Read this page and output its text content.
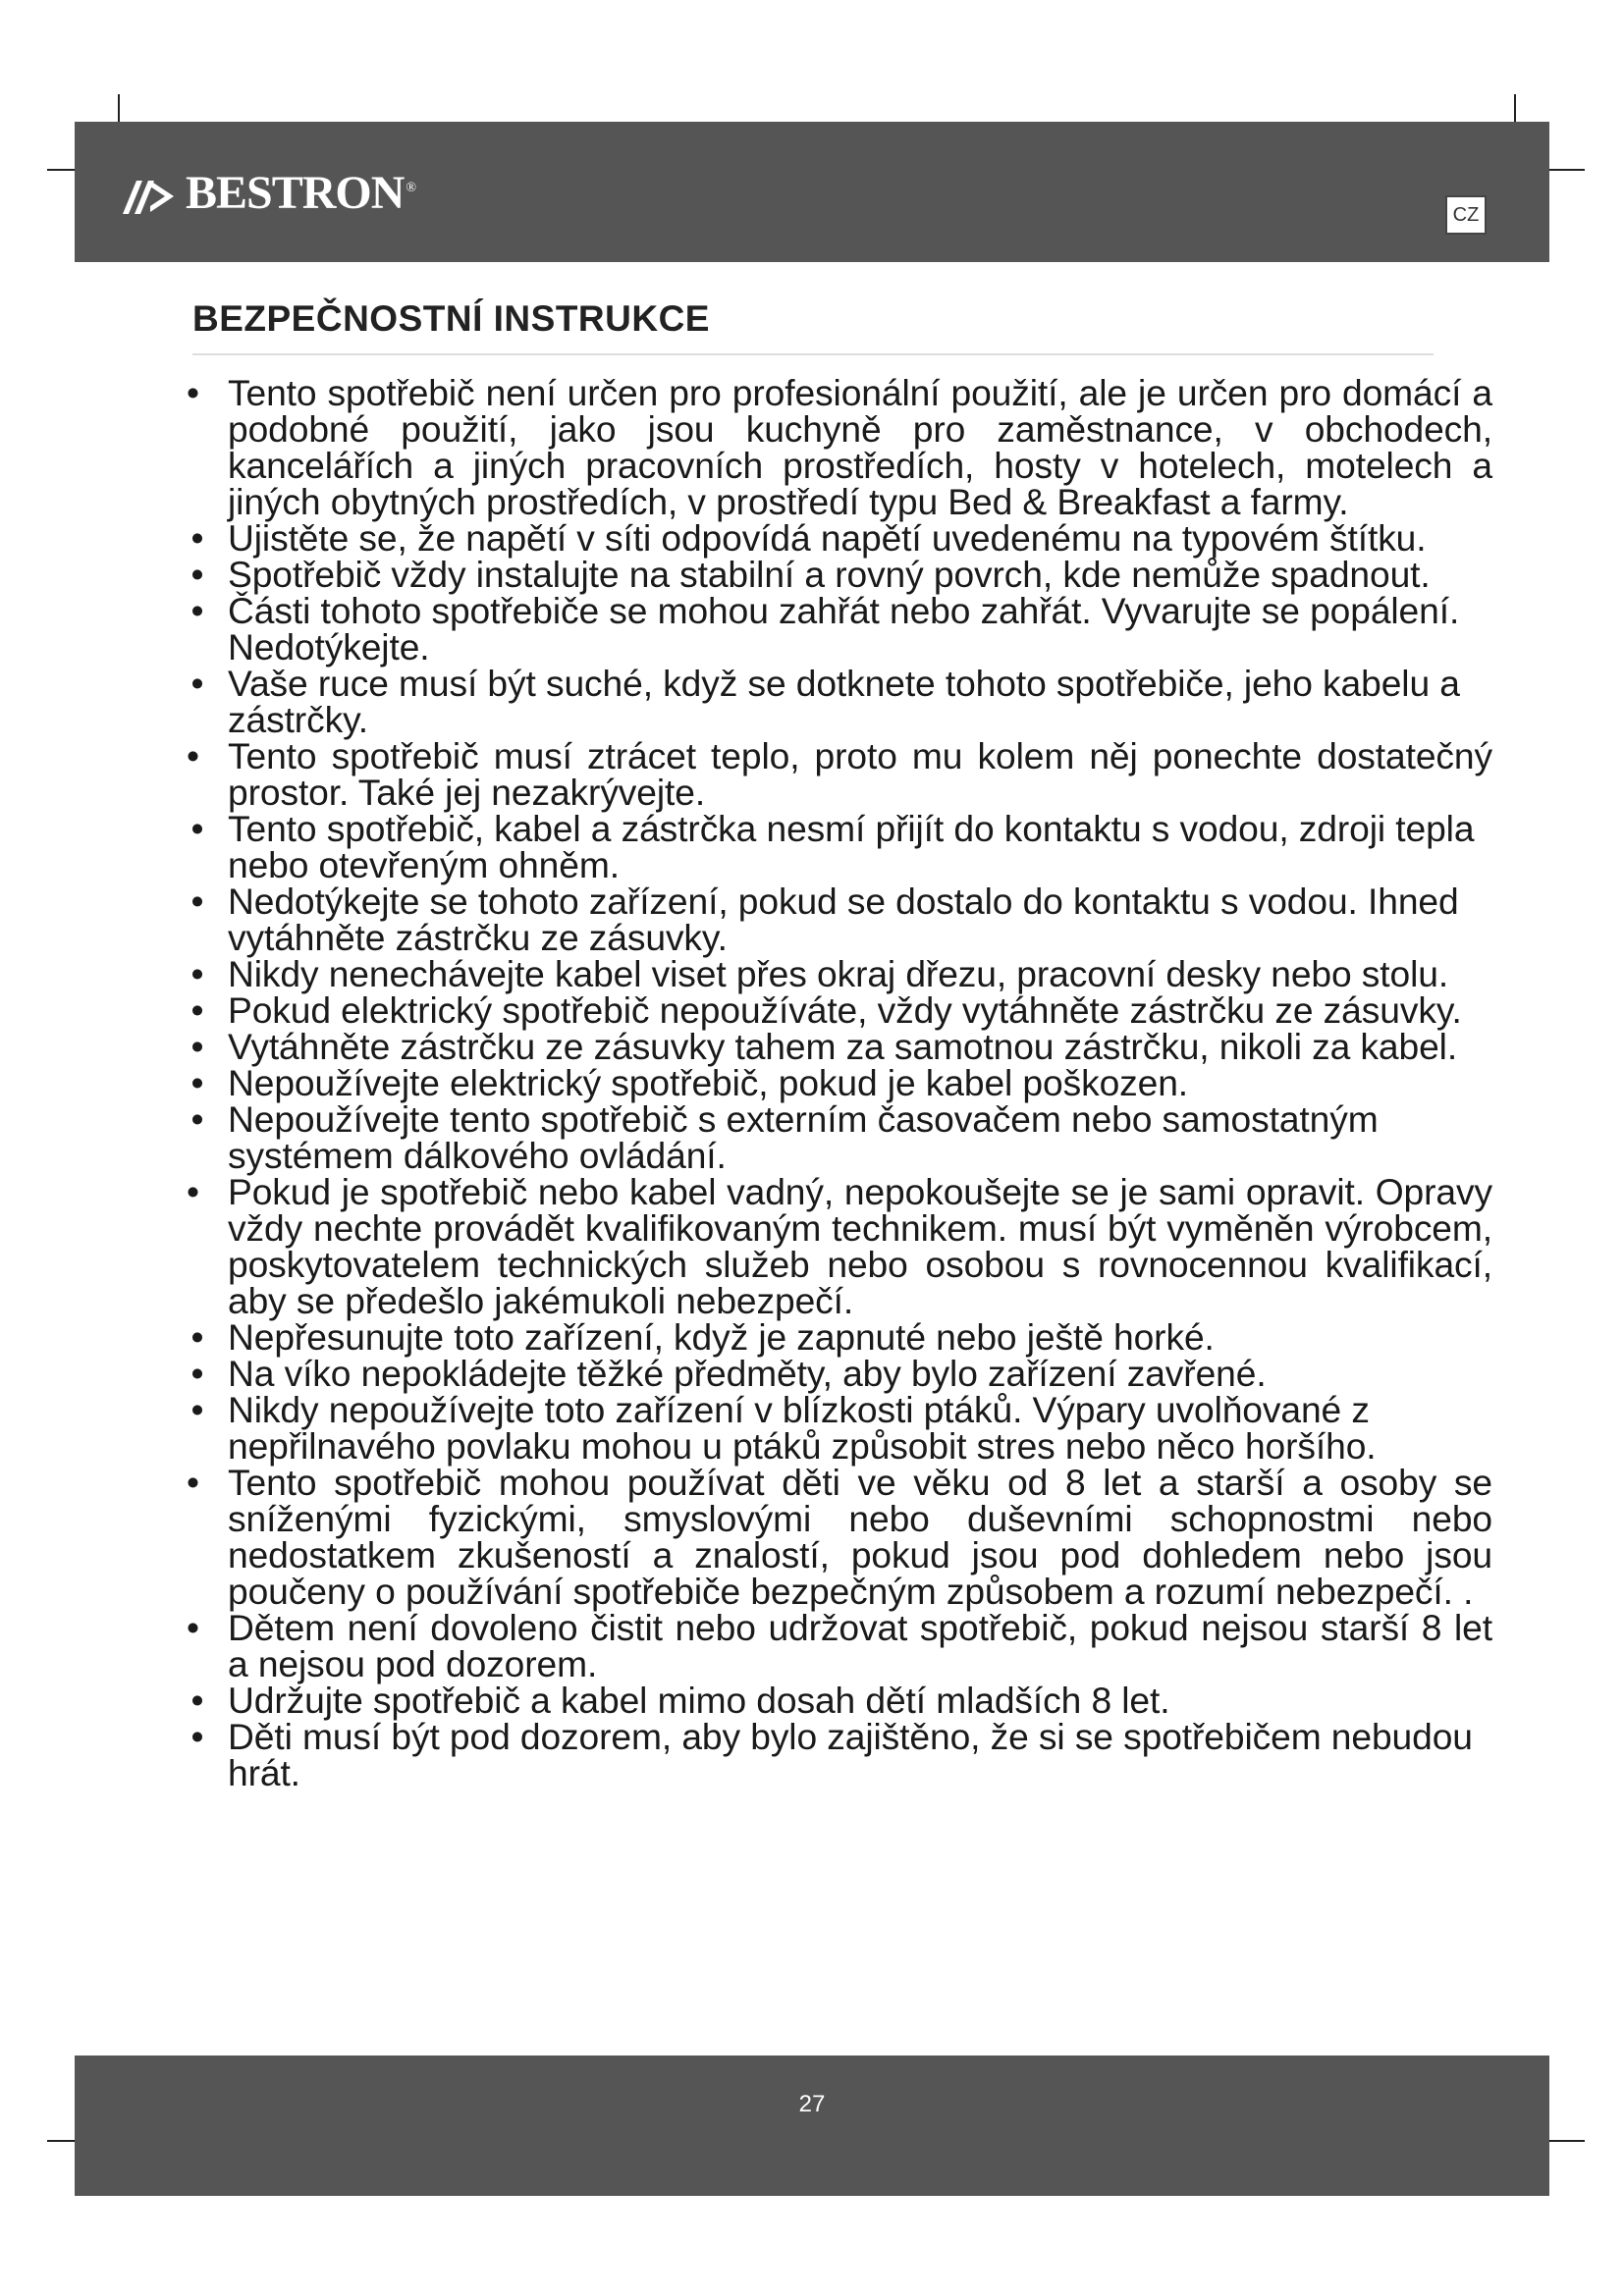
BESTRON ®
CZ
BEZPEČNOSTNÍ INSTRUKCE
• Tento spotřebič není určen pro profesionální použití, ale je určen pro domácí a podobné použití, jako jsou kuchyně pro zaměstnance, v obchodech, kancelářích a jiných pracovních prostředích, hosty v hotelech, motelech a jiných obytných prostředích, v prostředí typu Bed & Breakfast a farmy.
• Ujistěte se, že napětí v síti odpovídá napětí uvedenému na typovém štítku.
• Spotřebič vždy instalujte na stabilní a rovný povrch, kde nemůže spadnout.
• Části tohoto spotřebiče se mohou zahřát nebo zahřát. Vyvarujte se popálení. Nedotýkejte.
• Vaše ruce musí být suché, když se dotknete tohoto spotřebiče, jeho kabelu a zástrčky.
• Tento spotřebič musí ztrácet teplo, proto mu kolem něj ponechte dostatečný prostor. Také jej nezakrývejte.
• Tento spotřebič, kabel a zástrčka nesmí přijít do kontaktu s vodou, zdroji tepla nebo otevřeným ohněm.
• Nedotýkejte se tohoto zařízení, pokud se dostalo do kontaktu s vodou. Ihned vytáhněte zástrčku ze zásuvky.
• Nikdy nenechávejte kabel viset přes okraj dřezu, pracovní desky nebo stolu.
• Pokud elektrický spotřebič nepoužíváte, vždy vytáhněte zástrčku ze zásuvky.
• Vytáhněte zástrčku ze zásuvky tahem za samotnou zástrčku, nikoli za kabel.
• Nepoužívejte elektrický spotřebič, pokud je kabel poškozen.
• Nepoužívejte tento spotřebič s externím časovačem nebo samostatným systémem dálkového ovládání.
• Pokud je spotřebič nebo kabel vadný, nepokoušejte se je sami opravit. Opravy vždy nechte provádět kvalifikovaným technikem. musí být vyměněn výrobcem, poskytovatelem technických služeb nebo osobou s rovnocennou kvalifikací, aby se předešlo jakémukoli nebezpečí.
• Nepřesunujte toto zařízení, když je zapnuté nebo ještě horké.
• Na víko nepokládejte těžké předměty, aby bylo zařízení zavřené.
• Nikdy nepoužívejte toto zařízení v blízkosti ptáků. Výpary uvolňované z nepřilnavého povlaku mohou u ptáků způsobit stres nebo něco horšího.
• Tento spotřebič mohou používat děti ve věku od 8 let a starší a osoby se sníženými fyzickými, smyslovými nebo duševními schopnostmi nebo nedostatkem zkušeností a znalostí, pokud jsou pod dohledem nebo jsou poučeny o používání spotřebiče bezpečným způsobem a rozumí nebezpečí. .
• Dětem není dovoleno čistit nebo udržovat spotřebič, pokud nejsou starší 8 let a nejsou pod dozorem.
• Udržujte spotřebič a kabel mimo dosah dětí mladších 8 let.
• Děti musí být pod dozorem, aby bylo zajištěno, že si se spotřebičem nebudou hrát.
27
